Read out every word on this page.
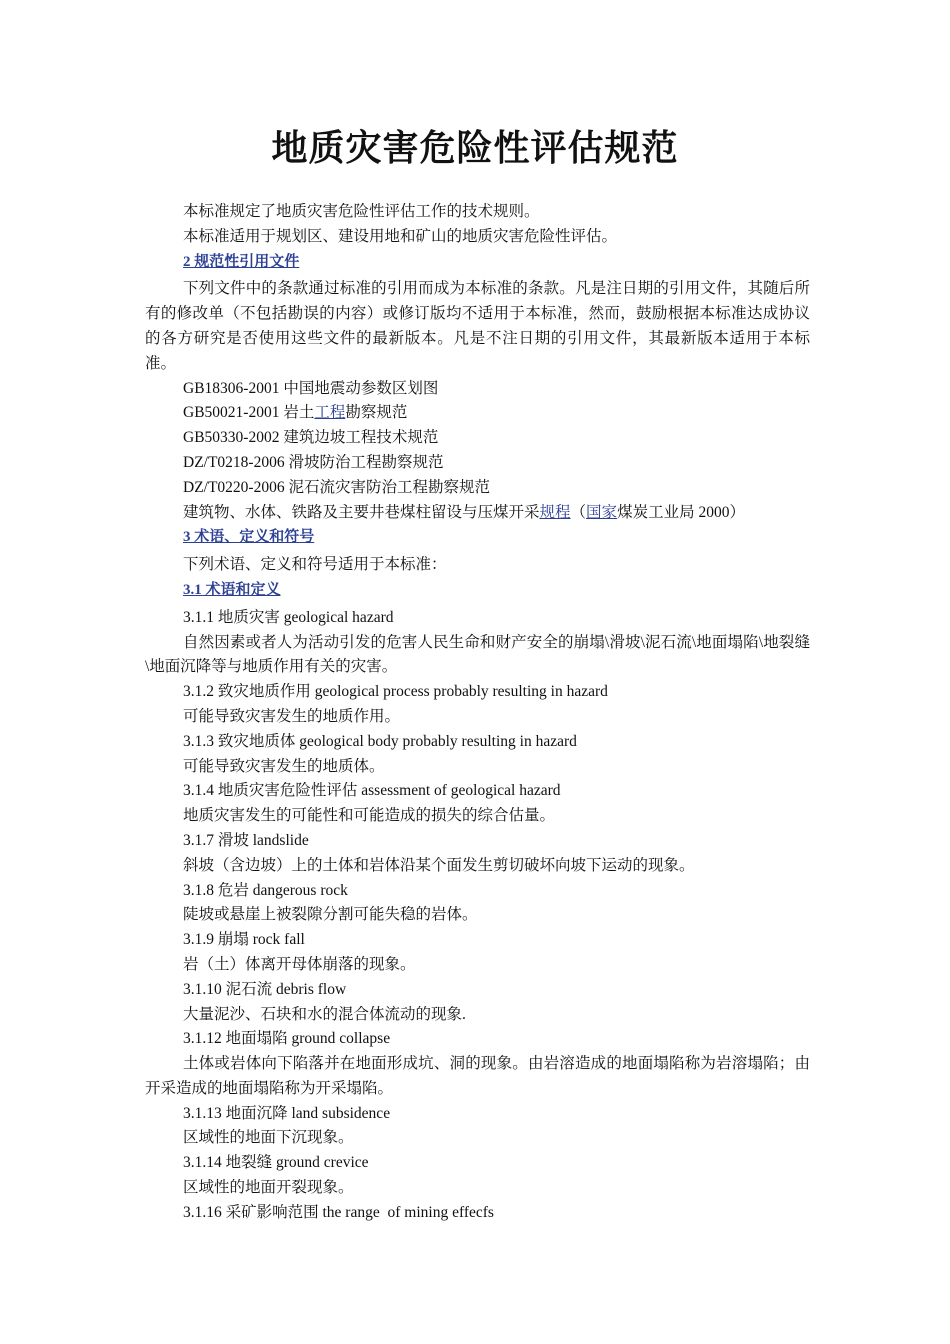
地质灾害危险性评估规范

本标准规定了地质灾害危险性评估工作的技术规则。

本标准适用于规划区、建设用地和矿山的地质灾害危险性评估。

2 规范性引用文件

下列文件中的条款通过标准的引用而成为本标准的条款。凡是注日期的引用文件，其随后所有的修改单（不包括勘误的内容）或修订版均不适用于本标准，然而，鼓励根据本标准达成协议的各方研究是否使用这些文件的最新版本。凡是不注日期的引用文件，其最新版本适用于本标准。

GB18306-2001 中国地震动参数区划图

GB50021-2001 岩土工程勘察规范

GB50330-2002 建筑边坡工程技术规范

DZ/T0218-2006 滑坡防治工程勘察规范

DZ/T0220-2006 泥石流灾害防治工程勘察规范

建筑物、水体、铁路及主要井巷煤柱留设与压煤开采规程（国家煤炭工业局 2000）

3 术语、定义和符号

下列术语、定义和符号适用于本标准：

3.1 术语和定义

3.1.1 地质灾害 geological hazard

自然因素或者人为活动引发的危害人民生命和财产安全的崩塌\滑坡\泥石流\地面塌陷\地裂缝\地面沉降等与地质作用有关的灾害。

3.1.2 致灾地质作用 geological process probably resulting in hazard

可能导致灾害发生的地质作用。

3.1.3 致灾地质体 geological body probably resulting in hazard

可能导致灾害发生的地质体。

3.1.4 地质灾害危险性评估 assessment of geological hazard

地质灾害发生的可能性和可能造成的损失的综合估量。

3.1.7 滑坡 landslide

斜坡（含边坡）上的土体和岩体沿某个面发生剪切破坏向坡下运动的现象。

3.1.8 危岩 dangerous rock

陡坡或悬崖上被裂隙分割可能失稳的岩体。

3.1.9 崩塌 rock fall

岩（土）体离开母体崩落的现象。

3.1.10 泥石流 debris flow

大量泥沙、石块和水的混合体流动的现象.

3.1.12 地面塌陷 ground collapse

土体或岩体向下陷落并在地面形成坑、洞的现象。由岩溶造成的地面塌陷称为岩溶塌陷；由开采造成的地面塌陷称为开采塌陷。

3.1.13 地面沉降 land subsidence

区域性的地面下沉现象。

3.1.14 地裂缝 ground crevice

区域性的地面开裂现象。

3.1.16 采矿影响范围 the range  of mining effecfs
